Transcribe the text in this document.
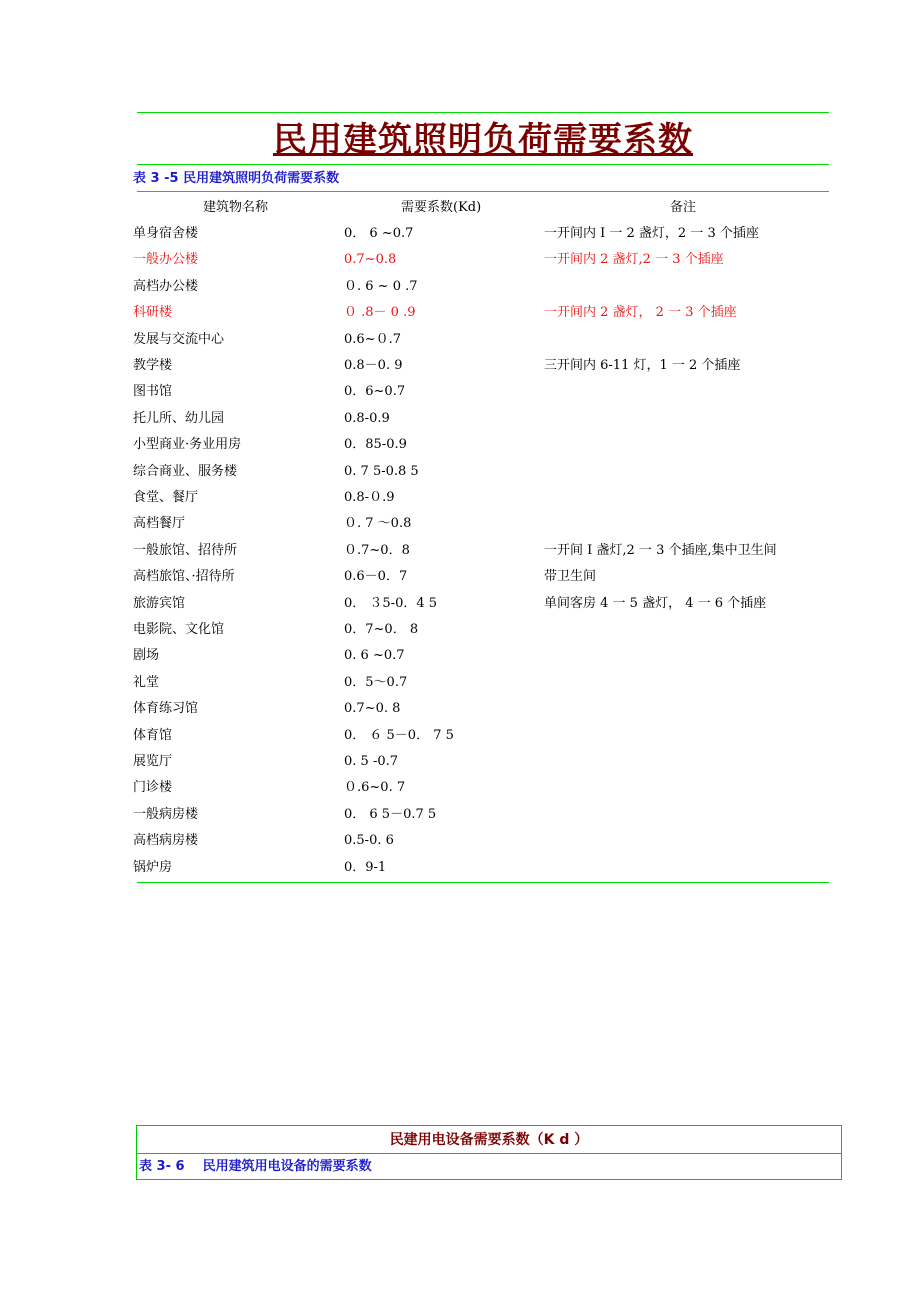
民用建筑照明负荷需要系数
表 3 -5 民用建筑照明负荷需要系数
建筑物名称	需要系数(Kd)	备注
单身宿舍楼	0． 6 ~0.7	一开间内 I 一 2 盏灯，2 一 3 个插座
一般办公楼	0.7~0.8	一开间内 2 盏灯,2 一 3 个插座
高档办公楼	０. 6 ~ 0 .7
科研楼	０ .8－ 0 .9	一开间内 2 盏灯， 2 一 3 个插座
发展与交流中心	0.6~０.7
教学楼	0.8－0. 9	三开间内 6-11 灯，1 一 2 个插座
图书馆	0．6~0.7
托儿所、幼儿园	0.8-0.9
小型商业·务业用房	0．85-0.9
综合商业、服务楼	0. 7 5-0.8 5
食堂、餐厅	0.8-０.9
高档餐厅	０. 7 ～0.8
一般旅馆、招待所	０.7~0．8	一开间 I 盏灯,2 一 3 个插座,集中卫生间
高档旅馆、·招待所	0.6－0．7	带卫生间
旅游宾馆	0． ３5-0．4 5	单间客房 4 一 5 盏灯， 4 一 6 个插座
电影院、文化馆	0．7~0． 8
剧场	0. 6 ~0.7
礼堂	0．5～0.7
体育练习馆	0.7~0. 8
体育馆	0． ６ 5－0． 7 5
展览厅	0. 5 -0.7
门诊楼	０.6~0. 7
一般病房楼	0． 6 5－0.7 5
高档病房楼	0.5-0. 6
锅炉房	0．9-1
民建用电设备需要系数（K d ）
表 3- 6    民用建筑用电设备的需要系数
